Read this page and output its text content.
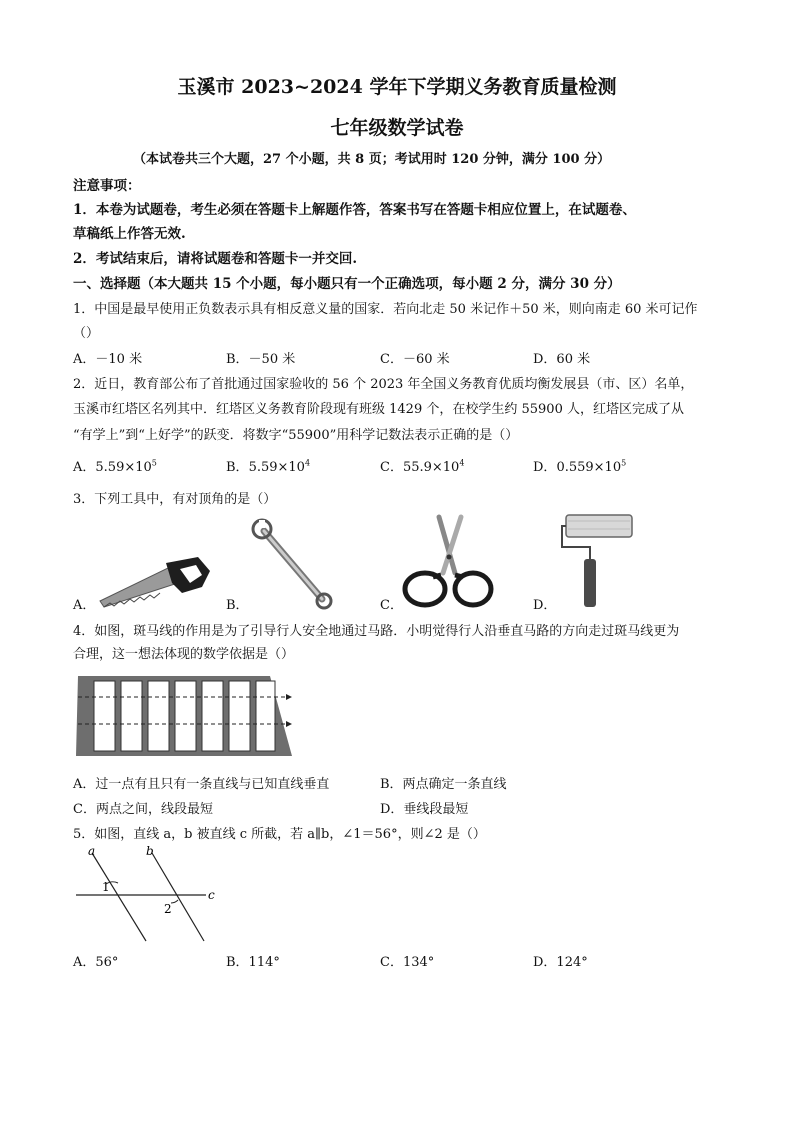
玉溪市 2023~2024 学年下学期义务教育质量检测
七年级数学试卷
（本试卷共三个大题，27 个小题，共 8 页；考试用时 120 分钟，满分 100 分）
注意事项：
1．本卷为试题卷，考生必须在答题卡上解题作答，答案书写在答题卡相应位置上，在试题卷、
草稿纸上作答无效.
2．考试结束后，请将试题卷和答题卡一并交回.
一、选择题（本大题共 15 个小题，每小题只有一个正确选项，每小题 2 分，满分 30 分）
1．中国是最早使用正负数表示具有相反意义量的国家．若向北走 50 米记作＋50 米，则向南走 60 米可记作
（）
A．－10 米	B．－50 米	C．－60 米	D．60 米
2．近日，教育部公布了首批通过国家验收的 56 个 2023 年全国义务教育优质均衡发展县（市、区）名单，
玉溪市红塔区名列其中．红塔区义务教育阶段现有班级 1429 个，在校学生约 55900 人，红塔区完成了从
“有学上”到“上好学”的跃变．将数字“55900”用科学记数法表示正确的是（）
A．$5.59\times 10^5$	B．$5.59\times 10^4$	C．$55.9\times 10^4$	D．$0.559\times 10^5$
3．下列工具中，有对顶角的是（）
A．	B．	C．	D．
4．如图，斑马线的作用是为了引导行人安全地通过马路．小明觉得行人沿垂直马路的方向走过斑马线更为
合理，这一想法体现的数学依据是（）
A．过一点有且只有一条直线与已知直线垂直	B．两点确定一条直线
C．两点之间，线段最短	D．垂线段最短
5．如图，直线 a，b 被直线 c 所截，若 a∥b，∠1＝56°，则∠2 是（）
a	b
c
1
2
A．56°	B．114°	C．134°	D．124°
